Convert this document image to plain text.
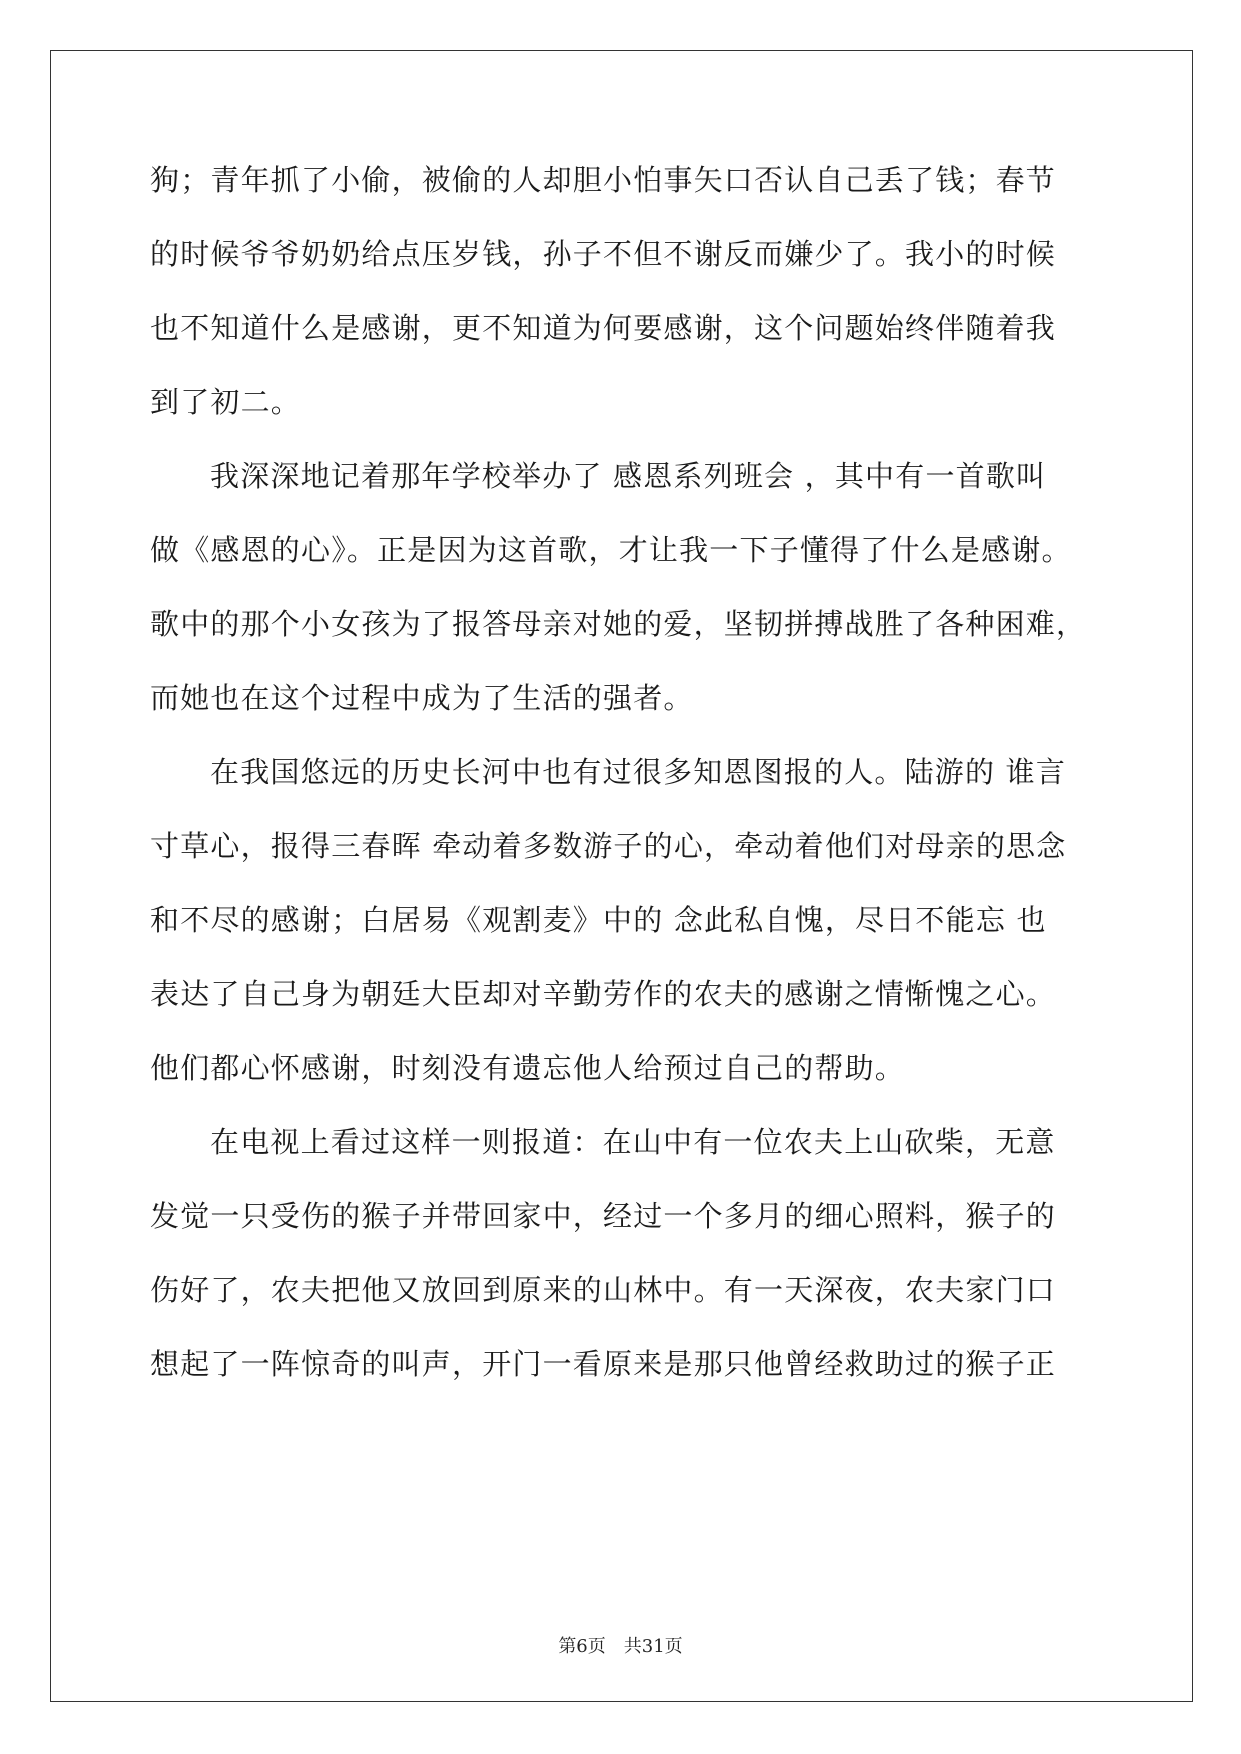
狗；青年抓了小偷，被偷的人却胆小怕事矢口否认自己丢了钱；春节
的时候爷爷奶奶给点压岁钱，孙子不但不谢反而嫌少了。我小的时候
也不知道什么是感谢，更不知道为何要感谢，这个问题始终伴随着我
到了初二。
我深深地记着那年学校举办了 感恩系列班会 ，其中有一首歌叫
做《感恩的心》。正是因为这首歌，才让我一下子懂得了什么是感谢。
歌中的那个小女孩为了报答母亲对她的爱，坚韧拼搏战胜了各种困难，
而她也在这个过程中成为了生活的强者。
在我国悠远的历史长河中也有过很多知恩图报的人。陆游的 谁言
寸草心，报得三春晖 牵动着多数游子的心，牵动着他们对母亲的思念
和不尽的感谢；白居易《观割麦》中的 念此私自愧，尽日不能忘 也
表达了自己身为朝廷大臣却对辛勤劳作的农夫的感谢之情惭愧之心。
他们都心怀感谢，时刻没有遗忘他人给预过自己的帮助。
在电视上看过这样一则报道：在山中有一位农夫上山砍柴，无意
发觉一只受伤的猴子并带回家中，经过一个多月的细心照料，猴子的
伤好了，农夫把他又放回到原来的山林中。有一天深夜，农夫家门口
想起了一阵惊奇的叫声，开门一看原来是那只他曾经救助过的猴子正
第6页　共31页
